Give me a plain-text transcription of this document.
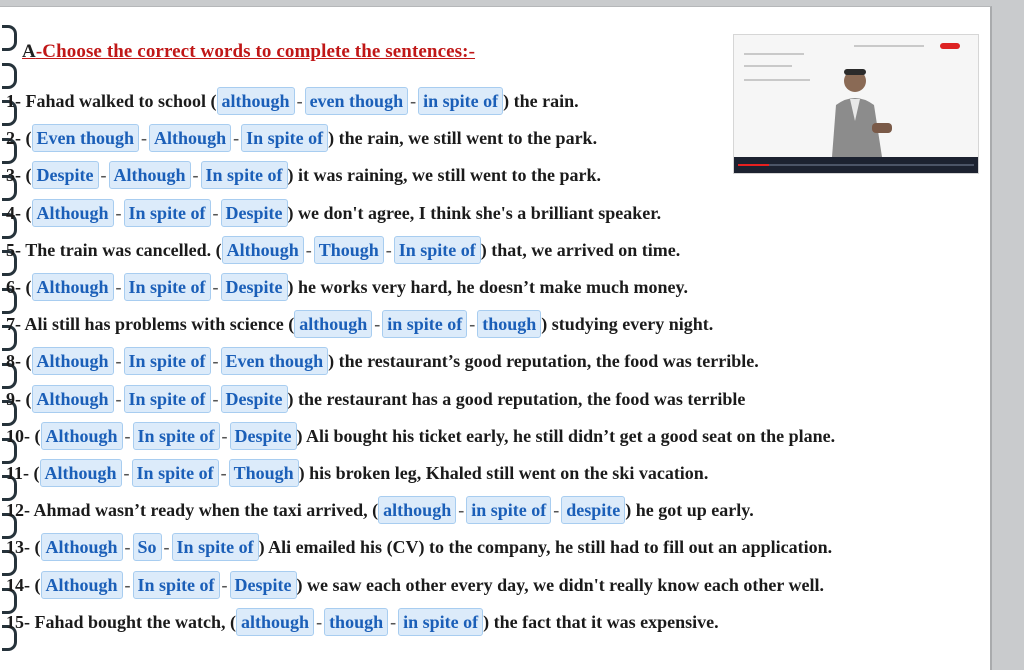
A-Choose the correct words to complete the sentences:-
1- Fahad walked to school ( although - even though - in spite of ) the rain.
2- ( Even though - Although - In spite of ) the rain, we still went to the park.
3- ( Despite - Although - In spite of ) it was raining, we still went to the park.
4- ( Although - In spite of - Despite ) we don't agree, I think she's a brilliant speaker.
5- The train was cancelled. ( Although - Though - In spite of ) that, we arrived on time.
6- ( Although - In spite of - Despite ) he works very hard, he doesn’t make much money.
7- Ali still has problems with science ( although - in spite of - though ) studying every night.
8- ( Although - In spite of - Even though ) the restaurant’s good reputation, the food was terrible.
9- ( Although - In spite of - Despite ) the restaurant has a good reputation, the food was terrible
10- ( Although - In spite of - Despite ) Ali bought his ticket early, he still didn’t get a good seat on the plane.
11- ( Although - In spite of - Though ) his broken leg, Khaled still went on the ski vacation.
12- Ahmad wasn’t ready when the taxi arrived, ( although - in spite of - despite ) he got up early.
13- ( Although - So - In spite of ) Ali emailed his (CV) to the company, he still had to fill out an application.
14- ( Although - In spite of - Despite ) we saw each other every day, we didn't really know each other well.
15- Fahad bought the watch, ( although - though - in spite of ) the fact that it was expensive.
